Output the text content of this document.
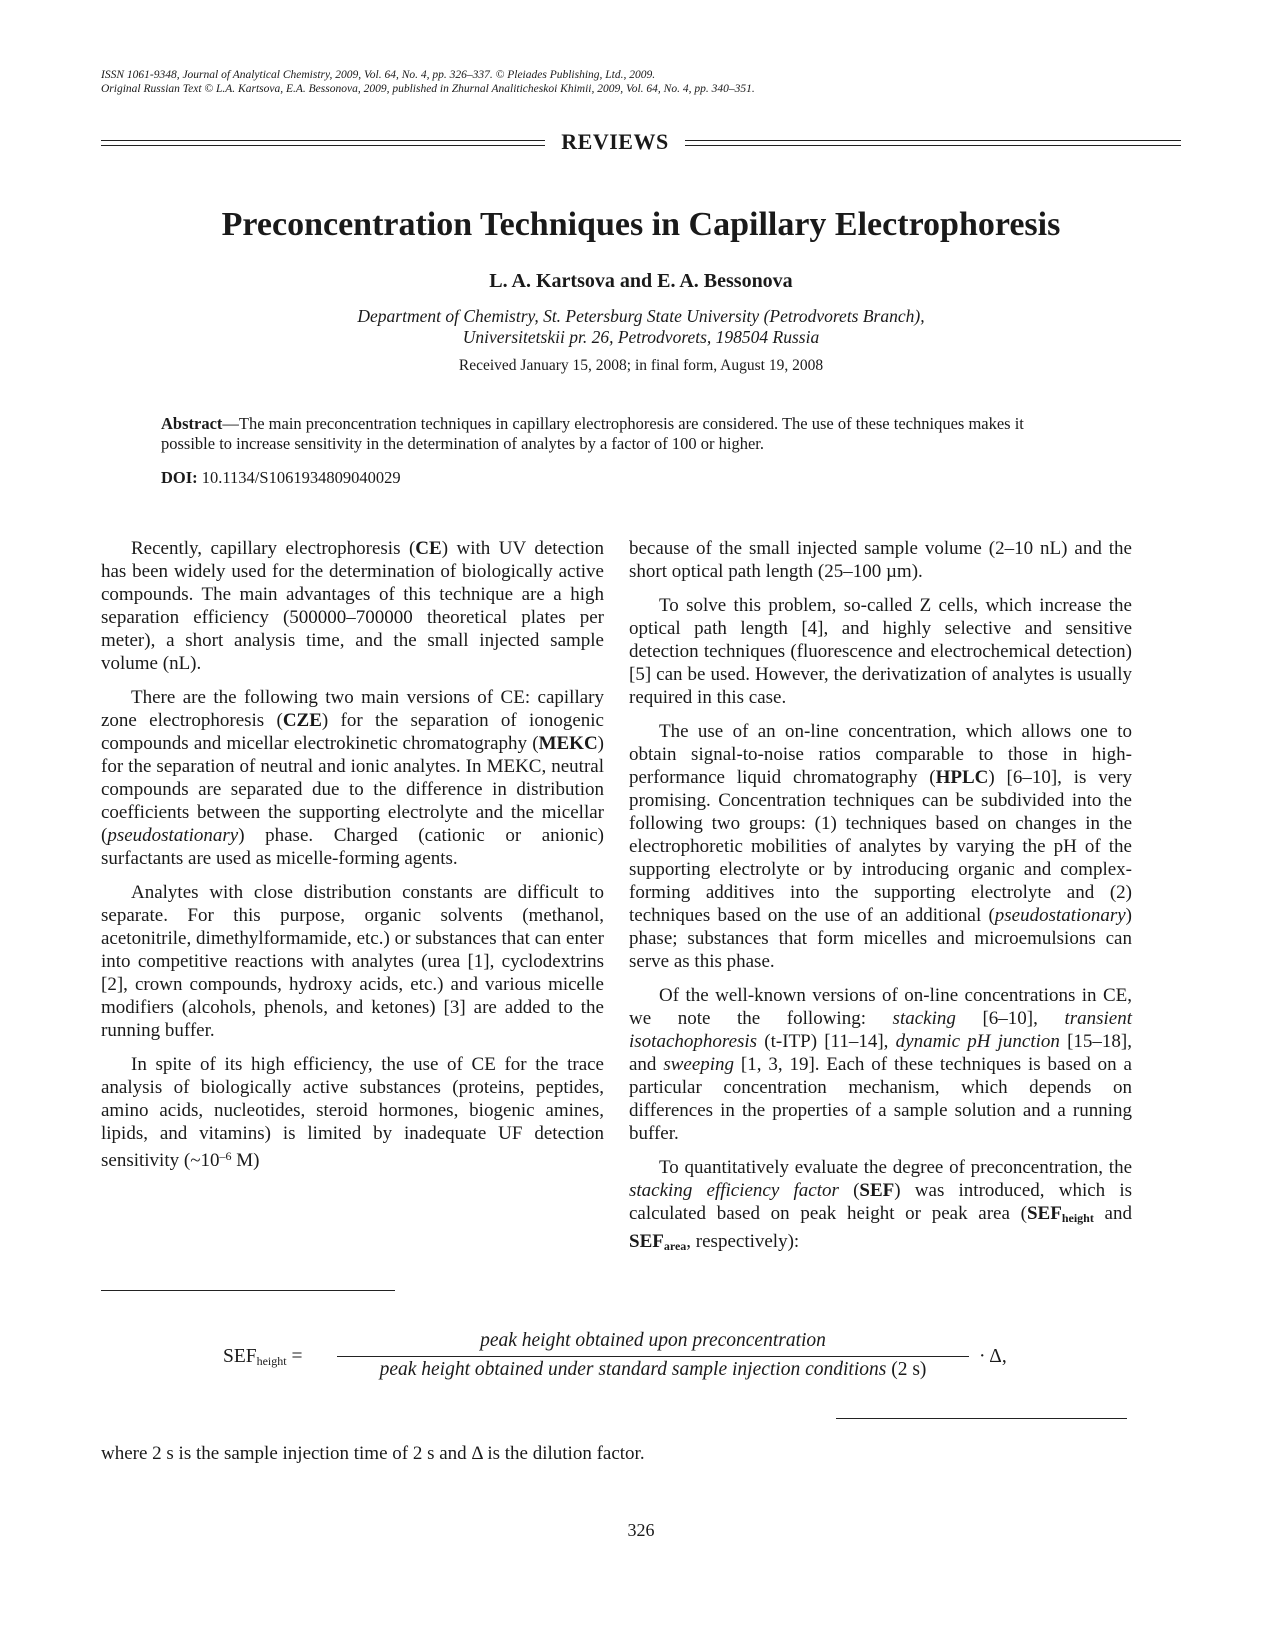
ISSN 1061-9348, Journal of Analytical Chemistry, 2009, Vol. 64, No. 4, pp. 326–337. © Pleiades Publishing, Ltd., 2009.
Original Russian Text © L.A. Kartsova, E.A. Bessonova, 2009, published in Zhurnal Analiticheskoi Khimii, 2009, Vol. 64, No. 4, pp. 340–351.
REVIEWS
Preconcentration Techniques in Capillary Electrophoresis
L. A. Kartsova and E. A. Bessonova
Department of Chemistry, St. Petersburg State University (Petrodvorets Branch),
Universitetskii pr. 26, Petrodvorets, 198504 Russia
Received January 15, 2008; in final form, August 19, 2008
Abstract—The main preconcentration techniques in capillary electrophoresis are considered. The use of these techniques makes it possible to increase sensitivity in the determination of analytes by a factor of 100 or higher.
DOI: 10.1134/S1061934809040029

Recently, capillary electrophoresis (CE) with UV detection has been widely used for the determination of biologically active compounds. The main advantages of this technique are a high separation efficiency (500000–700000 theoretical plates per meter), a short analysis time, and the small injected sample volume (nL).

There are the following two main versions of CE: capillary zone electrophoresis (CZE) for the separation of ionogenic compounds and micellar electrokinetic chromatography (MEKC) for the separation of neutral and ionic analytes. In MEKC, neutral compounds are separated due to the difference in distribution coefficients between the supporting electrolyte and the micellar (pseudostationary) phase. Charged (cationic or anionic) surfactants are used as micelle-forming agents.

Analytes with close distribution constants are difficult to separate. For this purpose, organic solvents (methanol, acetonitrile, dimethylformamide, etc.) or substances that can enter into competitive reactions with analytes (urea [1], cyclodextrins [2], crown compounds, hydroxy acids, etc.) and various micelle modifiers (alcohols, phenols, and ketones) [3] are added to the running buffer.

In spite of its high efficiency, the use of CE for the trace analysis of biologically active substances (proteins, peptides, amino acids, nucleotides, steroid hormones, biogenic amines, lipids, and vitamins) is limited by inadequate UF detection sensitivity ($\sim 10^{-6}$ M)

because of the small injected sample volume (2–10 nL) and the short optical path length (25–100 µm).

To solve this problem, so-called Z cells, which increase the optical path length [4], and highly selective and sensitive detection techniques (fluorescence and electrochemical detection) [5] can be used. However, the derivatization of analytes is usually required in this case.

The use of an on-line concentration, which allows one to obtain signal-to-noise ratios comparable to those in high-performance liquid chromatography (HPLC) [6–10], is very promising. Concentration techniques can be subdivided into the following two groups: (1) techniques based on changes in the electrophoretic mobilities of analytes by varying the pH of the supporting electrolyte or by introducing organic and complex-forming additives into the supporting electrolyte and (2) techniques based on the use of an additional (pseudostationary) phase; substances that form micelles and microemulsions can serve as this phase.

Of the well-known versions of on-line concentrations in CE, we note the following: stacking [6–10], transient isotachophoresis (t-ITP) [11–14], dynamic pH junction [15–18], and sweeping [1, 3, 19]. Each of these techniques is based on a particular concentration mechanism, which depends on differences in the properties of a sample solution and a running buffer.

To quantitatively evaluate the degree of preconcentration, the stacking efficiency factor (SEF) was introduced, which is calculated based on peak height or peak area ($SEF_{height}$ and $SEF_{area}$, respectively):

$SEF_{height}$ =
peak height obtained upon preconcentration
peak height obtained under standard sample injection conditions (2 s)
· Δ,
where 2 s is the sample injection time of 2 s and Δ is the dilution factor.
326
